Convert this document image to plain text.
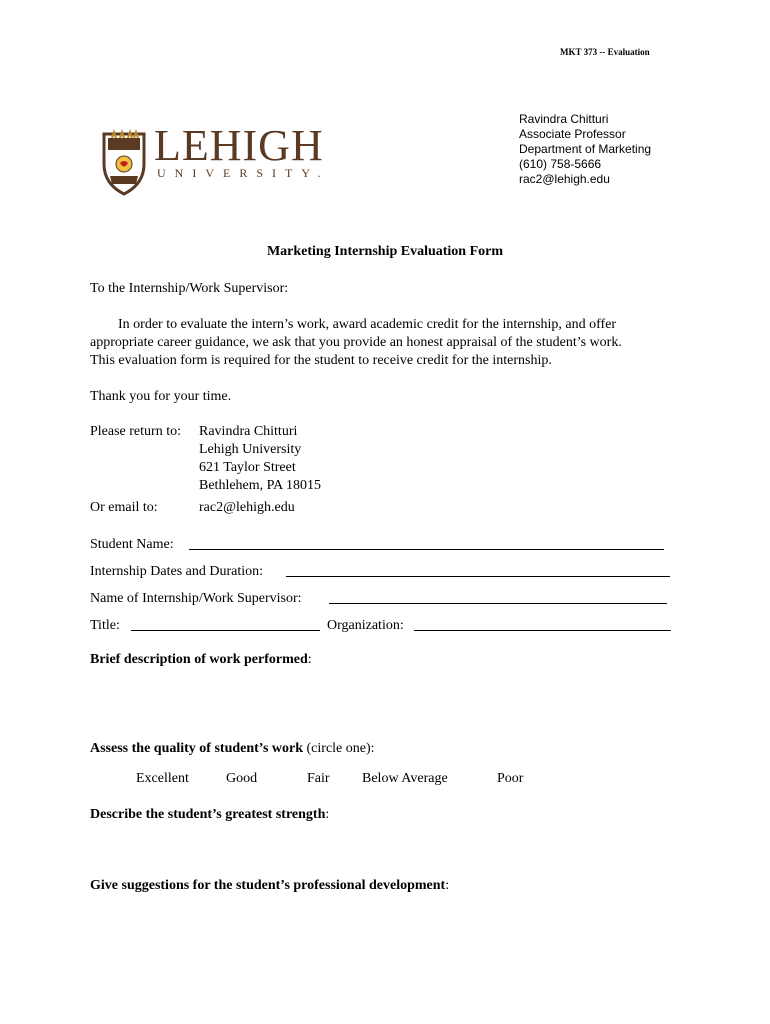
MKT 373 -- Evaluation
Ravindra Chitturi
Associate Professor
Department of Marketing
(610) 758-5666
rac2@lehigh.edu
LEHIGH
UNIVERSITY.
Marketing Internship Evaluation Form
To the Internship/Work Supervisor:
In order to evaluate the intern’s work, award academic credit for the internship, and offer
appropriate career guidance, we ask that you provide an honest appraisal of the student’s work.
This evaluation form is required for the student to receive credit for the internship.
Thank you for your time.
Please return to: Ravindra Chitturi
Lehigh University
621 Taylor Street
Bethlehem, PA 18015
Or email to:	rac2@lehigh.edu
Student Name:
Internship Dates and Duration:
Name of Internship/Work Supervisor:
Title:	Organization:
Brief description of work performed:
Assess the quality of student’s work (circle one):
Excellent	Good	Fair Below Average	Poor
Describe the student’s greatest strength:
Give suggestions for the student’s professional development:
